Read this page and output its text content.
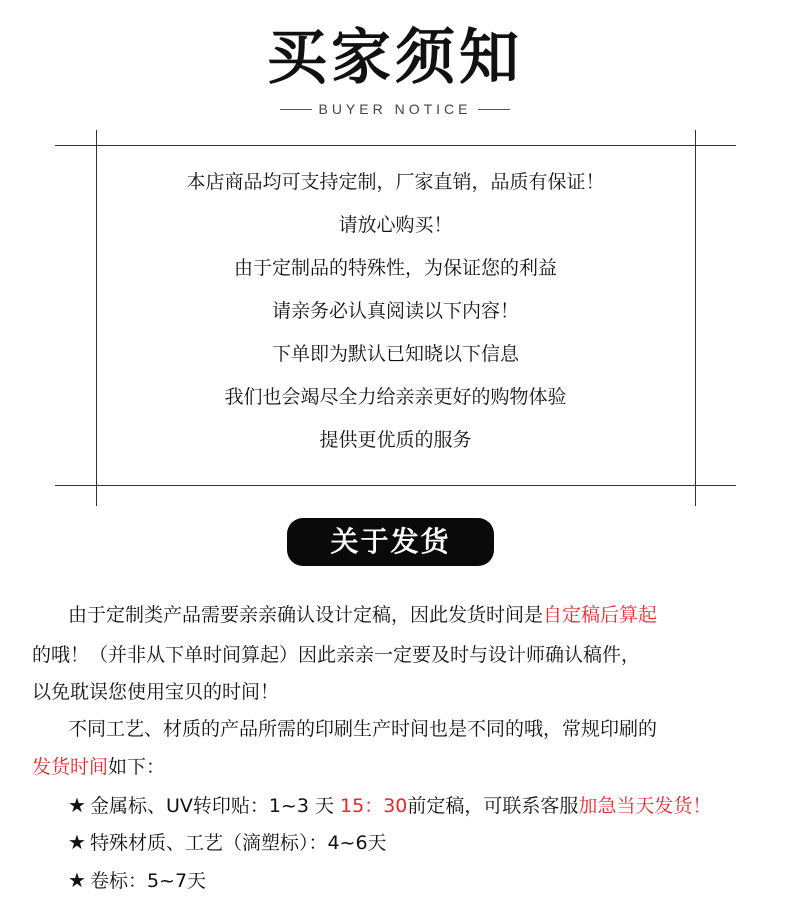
买家须知
BUYER NOTICE
本店商品均可支持定制，厂家直销，品质有保证！
请放心购买！
由于定制品的特殊性，为保证您的利益
请亲务必认真阅读以下内容！
下单即为默认已知晓以下信息
我们也会竭尽全力给亲亲更好的购物体验
提供更优质的服务
关于发货
由于定制类产品需要亲亲确认设计定稿，因此发货时间是自定稿后算起
的哦！（并非从下单时间算起）因此亲亲一定要及时与设计师确认稿件，
以免耽误您使用宝贝的时间！
不同工艺、材质的产品所需的印刷生产时间也是不同的哦，常规印刷的
发货时间如下：
★ 金属标、UV转印贴：1~3 天 15：30前定稿，可联系客服加急当天发货！
★ 特殊材质、工艺（滴塑标）：4~6天
★ 卷标：5~7天
